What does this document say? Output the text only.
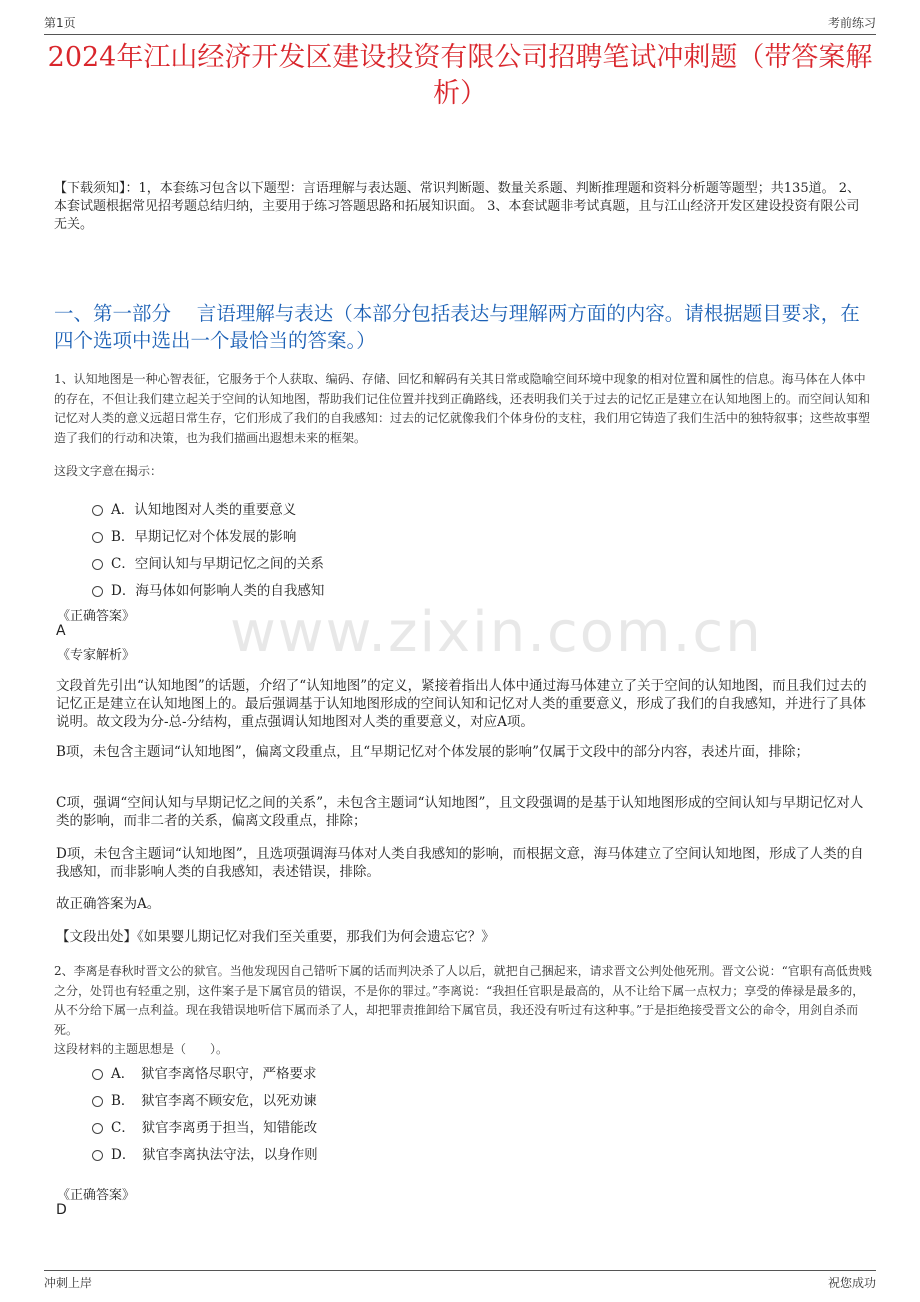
第1页	考前练习
2024年江山经济开发区建设投资有限公司招聘笔试冲刺题（带答案解析）

【下载须知】：1，本套练习包含以下题型：言语理解与表达题、常识判断题、数量关系题、判断推理题和资料分析题等题型；共135道。 2、本套试题根据常见招考题总结归纳，主要用于练习答题思路和拓展知识面。 3、本套试题非考试真题，且与江山经济开发区建设投资有限公司无关。

一、第一部分　 言语理解与表达（本部分包括表达与理解两方面的内容。请根据题目要求，在四个选项中选出一个最恰当的答案。）

1、认知地图是一种心智表征，它服务于个人获取、编码、存储、回忆和解码有关其日常或隐喻空间环境中现象的相对位置和属性的信息。海马体在人体中的存在，不但让我们建立起关于空间的认知地图，帮助我们记住位置并找到正确路线，还表明我们关于过去的记忆正是建立在认知地图上的。而空间认知和记忆对人类的意义远超日常生存，它们形成了我们的自我感知：过去的记忆就像我们个体身份的支柱，我们用它铸造了我们生活中的独特叙事；这些故事塑造了我们的行动和决策，也为我们描画出遐想未来的框架。

这段文字意在揭示：

A．认知地图对人类的重要意义
B．早期记忆对个体发展的影响
C．空间认知与早期记忆之间的关系
D．海马体如何影响人类的自我感知

《正确答案》

A

《专家解析》

文段首先引出“认知地图”的话题，介绍了“认知地图”的定义，紧接着指出人体中通过海马体建立了关于空间的认知地图，而且我们过去的记忆正是建立在认知地图上的。最后强调基于认知地图形成的空间认知和记忆对人类的重要意义，形成了我们的自我感知，并进行了具体说明。故文段为分-总-分结构，重点强调认知地图对人类的重要意义，对应A项。

B项，未包含主题词“认知地图”，偏离文段重点，且“早期记忆对个体发展的影响”仅属于文段中的部分内容，表述片面，排除；

C项，强调“空间认知与早期记忆之间的关系”，未包含主题词“认知地图”，且文段强调的是基于认知地图形成的空间认知与早期记忆对人类的影响，而非二者的关系，偏离文段重点，排除；

D项，未包含主题词“认知地图”，且选项强调海马体对人类自我感知的影响，而根据文意，海马体建立了空间认知地图，形成了人类的自我感知，而非影响人类的自我感知，表述错误，排除。

故正确答案为A。

【文段出处】《如果婴儿期记忆对我们至关重要，那我们为何会遗忘它？》

2、李离是春秋时晋文公的狱官。当他发现因自己错听下属的话而判决杀了人以后，就把自己捆起来，请求晋文公判处他死刑。晋文公说：“官职有高低贵贱之分，处罚也有轻重之别，这件案子是下属官员的错误，不是你的罪过。”李离说：“我担任官职是最高的，从不让给下属一点权力；享受的俸禄是最多的，从不分给下属一点利益。现在我错误地听信下属而杀了人，却把罪责推卸给下属官员，我还没有听过有这种事。”于是拒绝接受晋文公的命令，用剑自杀而死。

这段材料的主题思想是（　　）。

A．　狱官李离恪尽职守，严格要求
B．　狱官李离不顾安危，以死劝谏
C．　狱官李离勇于担当，知错能改
D．　狱官李离执法守法，以身作则

《正确答案》

D

www.zixin.com.cn
冲刺上岸	祝您成功
